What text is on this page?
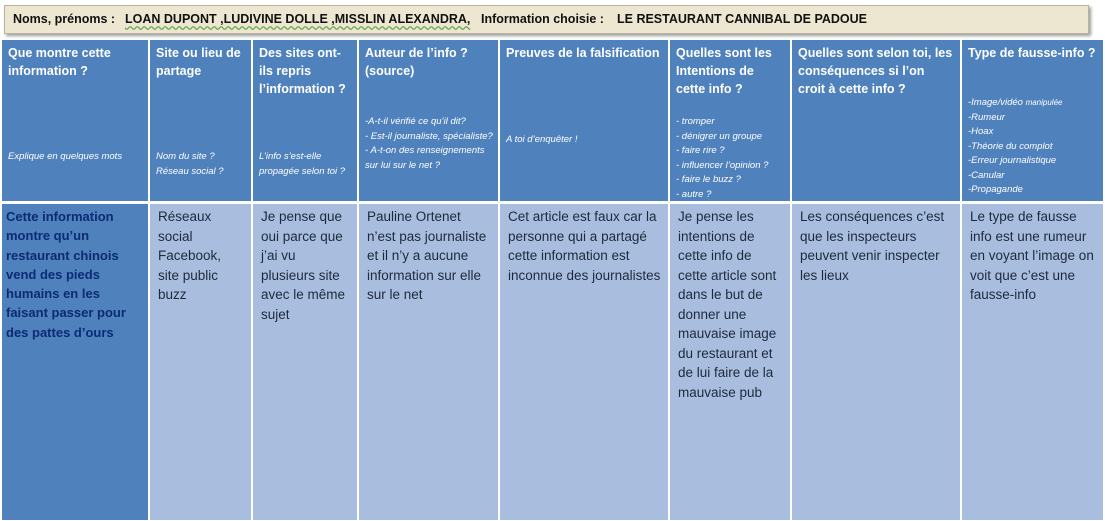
Noms, prénoms : LOAN DUPONT ,LUDIVINE DOLLE ,MISSLIN ALEXANDRA, Information choisie : LE RESTAURANT CANNIBAL DE PADOUE
Que montre cette information ?
Explique en quelques mots
Site ou lieu de partage
Nom du site ?
Réseau social ?
Des sites ont-ils repris l’information ?
L’info s’est-elle propagée selon toi ?
Auteur de l’info ? (source)
-A-t-il vérifié ce qu’il dit?
- Est-il journaliste, spécialiste?
- A-t-on des renseignements sur lui sur le net ?
Preuves de la falsification
A toi d’enquêter !
Quelles sont les Intentions de cette info ?
- tromper
- dénigrer un groupe
- faire rire ?
- influencer l’opinion ?
- faire le buzz ?
- autre ?
Quelles sont selon toi, les conséquences si l’on croit à cette info ?
Type de fausse-info ?
-Image/vidéo manipulée
-Rumeur
-Hoax
-Théorie du complot
-Erreur journalistique
-Canular
-Propagande
Cette information montre qu’un restaurant chinois vend des pieds humains en les faisant passer pour des pattes d’ours
Réseaux social Facebook, site public buzz
Je pense que oui parce que j’ai vu plusieurs site avec le même sujet
Pauline Ortenet n’est pas journaliste et il n’y a aucune information sur elle sur le net
Cet article est faux car la personne qui a partagé cette information est inconnue des journalistes
Je pense les intentions de cette info de cette article sont dans le but de donner une mauvaise image du restaurant et de lui faire de la mauvaise pub
Les conséquences c’est que les inspecteurs peuvent venir inspecter les lieux
Le type de fausse info est une rumeur en voyant l’image on voit que c’est une fausse-info
